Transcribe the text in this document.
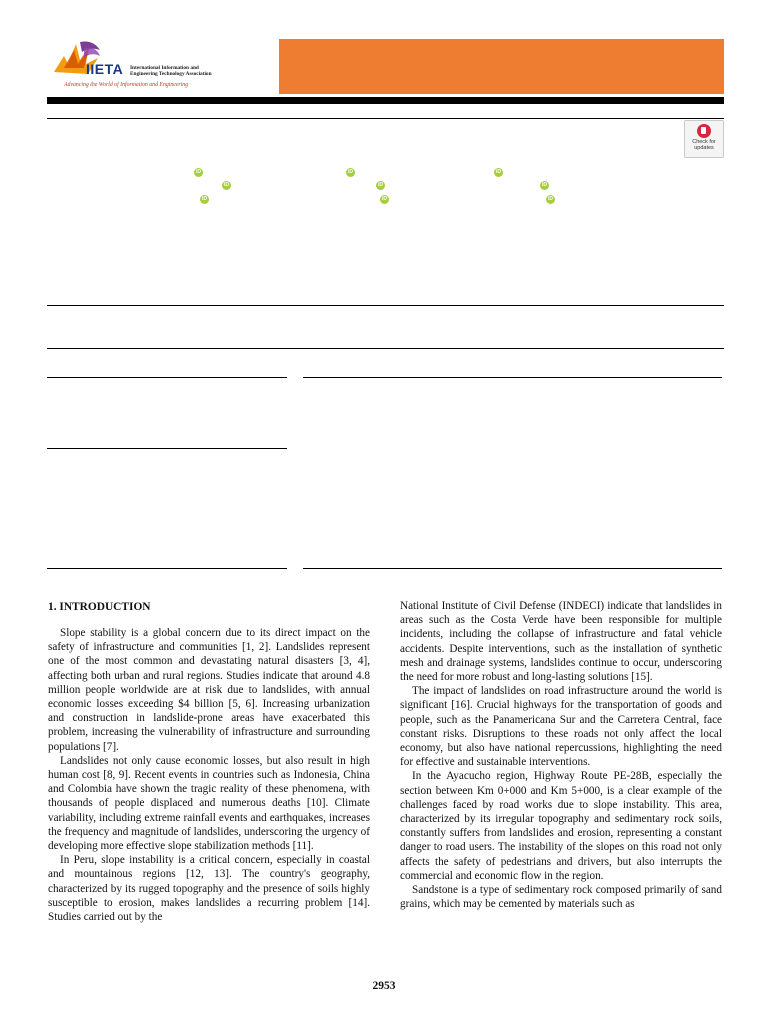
IIETA International Information and
Engineering Technology Association
Advancing the World of Information and Engineering
Check for
updates
iD
iD
iD
iD
iD
iD
iD
iD
iD
1. INTRODUCTION

Slope stability is a global concern due to its direct impact on the safety of infrastructure and communities [1, 2]. Landslides represent one of the most common and devastating natural disasters [3, 4], affecting both urban and rural regions. Studies indicate that around 4.8 million people worldwide are at risk due to landslides, with annual economic losses exceeding $4 billion [5, 6]. Increasing urbanization and construction in landslide-prone areas have exacerbated this problem, increasing the vulnerability of infrastructure and surrounding populations [7].

Landslides not only cause economic losses, but also result in high human cost [8, 9]. Recent events in countries such as Indonesia, China and Colombia have shown the tragic reality of these phenomena, with thousands of people displaced and numerous deaths [10]. Climate variability, including extreme rainfall events and earthquakes, increases the frequency and magnitude of landslides, underscoring the urgency of developing more effective slope stabilization methods [11].

In Peru, slope instability is a critical concern, especially in coastal and mountainous regions [12, 13]. The country's geography, characterized by its rugged topography and the presence of soils highly susceptible to erosion, makes landslides a recurring problem [14]. Studies carried out by the

National Institute of Civil Defense (INDECI) indicate that landslides in areas such as the Costa Verde have been responsible for multiple incidents, including the collapse of infrastructure and fatal vehicle accidents. Despite interventions, such as the installation of synthetic mesh and drainage systems, landslides continue to occur, underscoring the need for more robust and long-lasting solutions [15].

The impact of landslides on road infrastructure around the world is significant [16]. Crucial highways for the transportation of goods and people, such as the Panamericana Sur and the Carretera Central, face constant risks. Disruptions to these roads not only affect the local economy, but also have national repercussions, highlighting the need for effective and sustainable interventions.

In the Ayacucho region, Highway Route PE-28B, especially the section between Km 0+000 and Km 5+000, is a clear example of the challenges faced by road works due to slope instability. This area, characterized by its irregular topography and sedimentary rock soils, constantly suffers from landslides and erosion, representing a constant danger to road users. The instability of the slopes on this road not only affects the safety of pedestrians and drivers, but also interrupts the commercial and economic flow in the region.

Sandstone is a type of sedimentary rock composed primarily of sand grains, which may be cemented by materials such as

2953
